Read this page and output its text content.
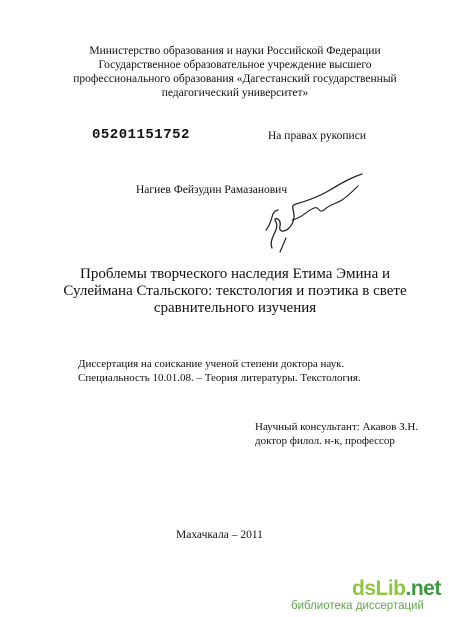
Министерство образования и науки Российской Федерации
Государственное образовательное учреждение высшего
профессионального образования «Дагестанский государственный
педагогический университет»
05201151752	На правах рукописи
Нагиев Фейзудин Рамазанович
Проблемы творческого наследия Етима Эмина и
Сулеймана Стальского: текстология и поэтика в свете
сравнительного изучения
Диссертация на соискание ученой степени доктора наук.
Специальность 10.01.08. – Теория литературы. Текстология.
Научный консультант: Акавов З.Н.
доктор филол. н-к, профессор
Махачкала – 2011
dsLib.net
библиотека диссертаций
